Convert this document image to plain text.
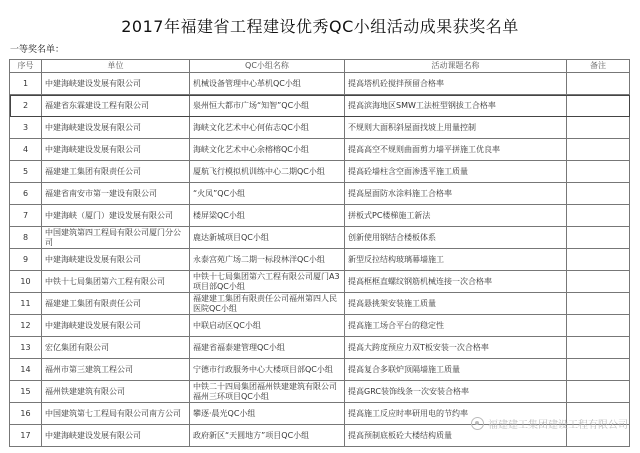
2017年福建省工程建设优秀QC小组活动成果获奖名单
一等奖名单：
序号	单位	QC小组名称	活动课题名称	备注
1	中建海峡建设发展有限公司	机械设备管理中心革机QC小组	提高塔机砼搅拌预留合格率	
2	福建省东霖建设工程有限公司	泉州恒大都市广场“知智”QC小组	提高滨海地区SMW工法桩型钢拔工合格率	
3	中建海峡建设发展有限公司	海峡文化艺术中心何佑志QC小组	不规则大面积斜屋面找坡上用量控制	
4	中建海峡建设发展有限公司	海峡文化艺术中心余榕榕QC小组	提高高空不规则曲面剪力墙平拼施工优良率	
5	福建建工集团有限责任公司	厦航飞行模拟机训练中心二期QC小组	提高砼墙柱含空面渗透平施工质量	
6	福建省南安市第一建设有限公司	“火凤”QC小组	提高屋面防水涂料施工合格率	
7	中建海峡（厦门）建设发展有限公司	楼屏梁QC小组	拼板式PC楼梯施工新法	
8	中国建筑第四工程局有限公司厦门分公司	鹿达新城项目QC小组	创新使用钢结合楼板体系	
9	中建海峡建设发展有限公司	永泰宫苑广场二期一标段林洋QC小组	新型反拉结构玻璃幕墙施工	
10	中铁十七局集团第六工程有限公司	中铁十七局集团第六工程有限公司厦门A3项目部QC小组	提高框框直螺纹钢筋机械连接一次合格率	
11	福建建工集团有限责任公司	福建建工集团有限责任公司福州第四人民医院QC小组	提高悬挑架安装施工质量	
12	中建海峡建设发展有限公司	中联启动区QC小组	提高施工场合平台的稳定性	
13	宏亿集团有限公司	福建省福泰建管理QC小组	提高大跨度预应力双T板安装一次合格率	
14	福州市第三建筑工程公司	宁德市行政服务中心大楼项目部QC小组	提高复合多联炉顶隔墙施工质量	
15	福州铁建建筑有限公司	中铁二十四局集团福州铁建建筑有限公司福州三环项目QC小组	提高GRC装饰线条一次安装合格率	
16	中国建筑第七工程局有限公司南方公司	攀逐·晨光QC小组	提高施工反应时率研用电的节约率	
17	中建海峡建设发展有限公司	政府新区“天圆地方”项目QC小组	提高预制底板砼大楼结构质量	
福建建工集团建设工程有限公司
